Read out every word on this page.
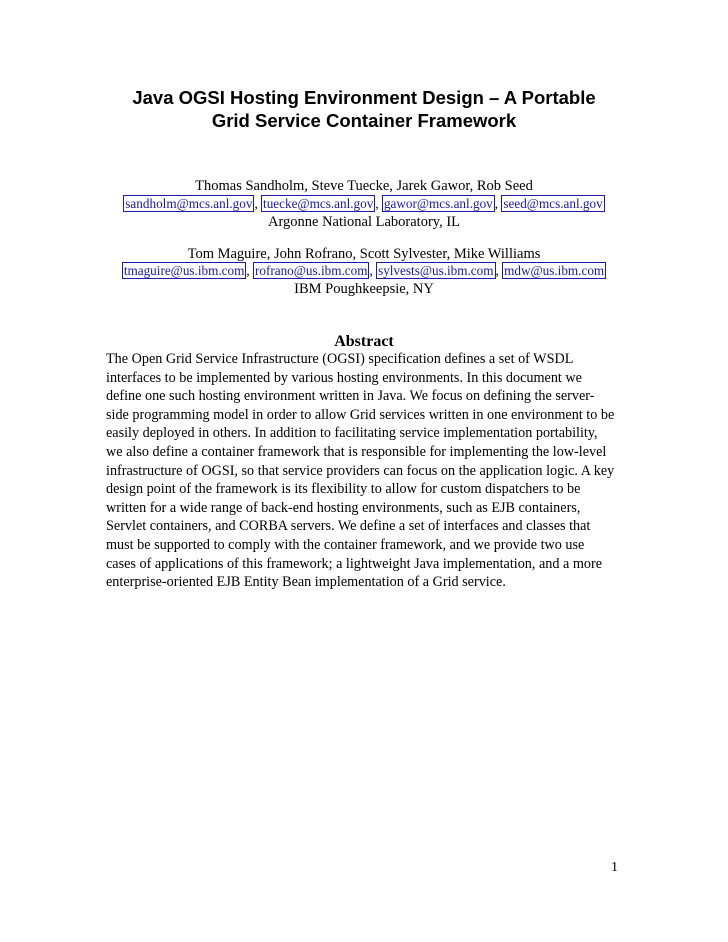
Java OGSI Hosting Environment Design – A Portable
Grid Service Container Framework
Thomas Sandholm, Steve Tuecke, Jarek Gawor, Rob Seed
sandholm@mcs.anl.gov , tuecke@mcs.anl.gov , gawor@mcs.anl.gov , seed@mcs.anl.gov
Argonne National Laboratory, IL
Tom Maguire, John Rofrano, Scott Sylvester, Mike Williams
tmaguire@us.ibm.com , rofrano@us.ibm.com , sylvests@us.ibm.com , mdw@us.ibm.com
IBM Poughkeepsie, NY
Abstract
The Open Grid Service Infrastructure (OGSI) specification defines a set of WSDL
interfaces to be implemented by various hosting environments. In this document we
define one such hosting environment written in Java. We focus on defining the server-
side programming model in order to allow Grid services written in one environment to be
easily deployed in others. In addition to facilitating service implementation portability,
we also define a container framework that is responsible for implementing the low-level
infrastructure of OGSI, so that service providers can focus on the application logic. A key
design point of the framework is its flexibility to allow for custom dispatchers to be
written for a wide range of back-end hosting environments, such as EJB containers,
Servlet containers, and CORBA servers. We define a set of interfaces and classes that
must be supported to comply with the container framework, and we provide two use
cases of applications of this framework; a lightweight Java implementation, and a more
enterprise-oriented EJB Entity Bean implementation of a Grid service.
1
